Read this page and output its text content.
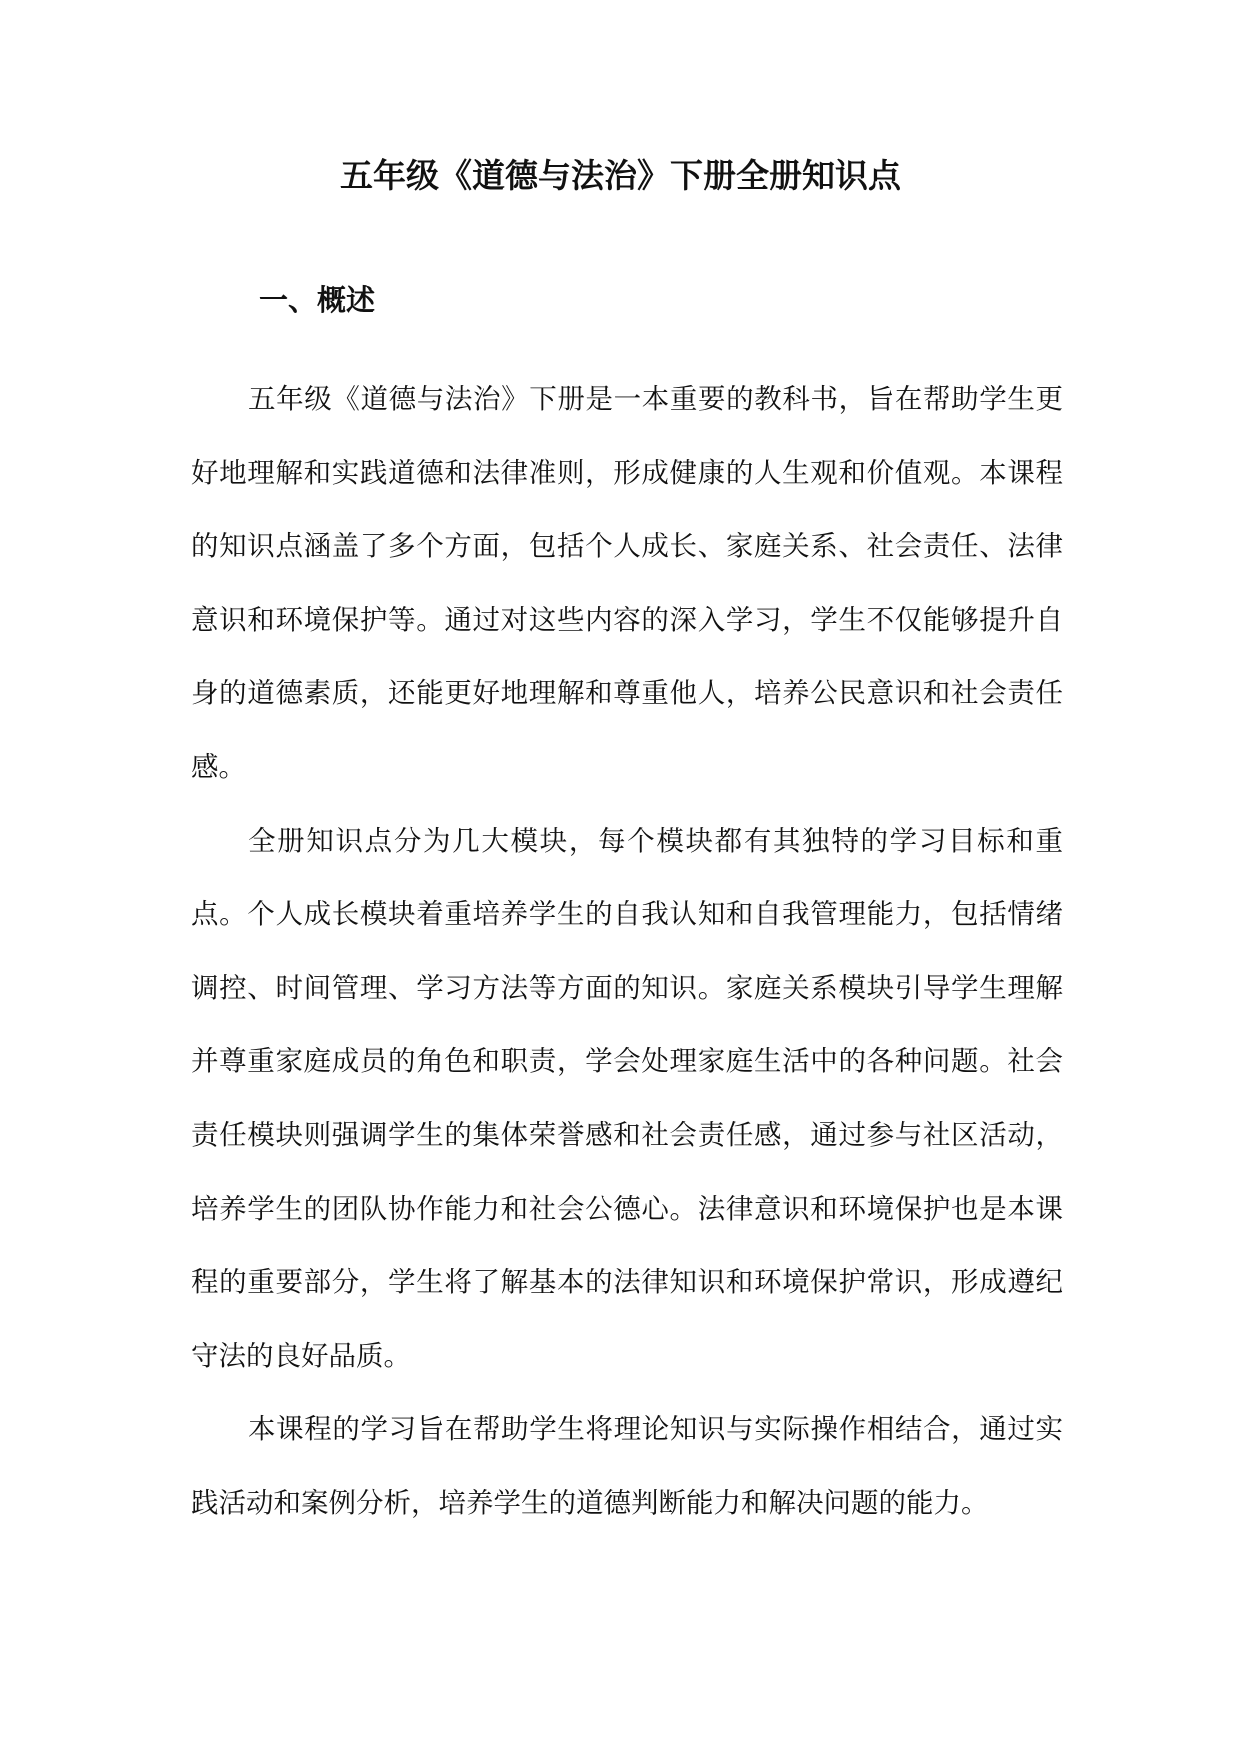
五年级《道德与法治》下册全册知识点
一、概述

五年级《道德与法治》下册是一本重要的教科书，旨在帮助学生更好地理解和实践道德和法律准则，形成健康的人生观和价值观。本课程的知识点涵盖了多个方面，包括个人成长、家庭关系、社会责任、法律意识和环境保护等。通过对这些内容的深入学习，学生不仅能够提升自身的道德素质，还能更好地理解和尊重他人，培养公民意识和社会责任感。

全册知识点分为几大模块，每个模块都有其独特的学习目标和重点。个人成长模块着重培养学生的自我认知和自我管理能力，包括情绪调控、时间管理、学习方法等方面的知识。家庭关系模块引导学生理解并尊重家庭成员的角色和职责，学会处理家庭生活中的各种问题。社会责任模块则强调学生的集体荣誉感和社会责任感，通过参与社区活动，培养学生的团队协作能力和社会公德心。法律意识和环境保护也是本课程的重要部分，学生将了解基本的法律知识和环境保护常识，形成遵纪守法的良好品质。

本课程的学习旨在帮助学生将理论知识与实际操作相结合，通过实践活动和案例分析，培养学生的道德判断能力和解决问题的能力。
